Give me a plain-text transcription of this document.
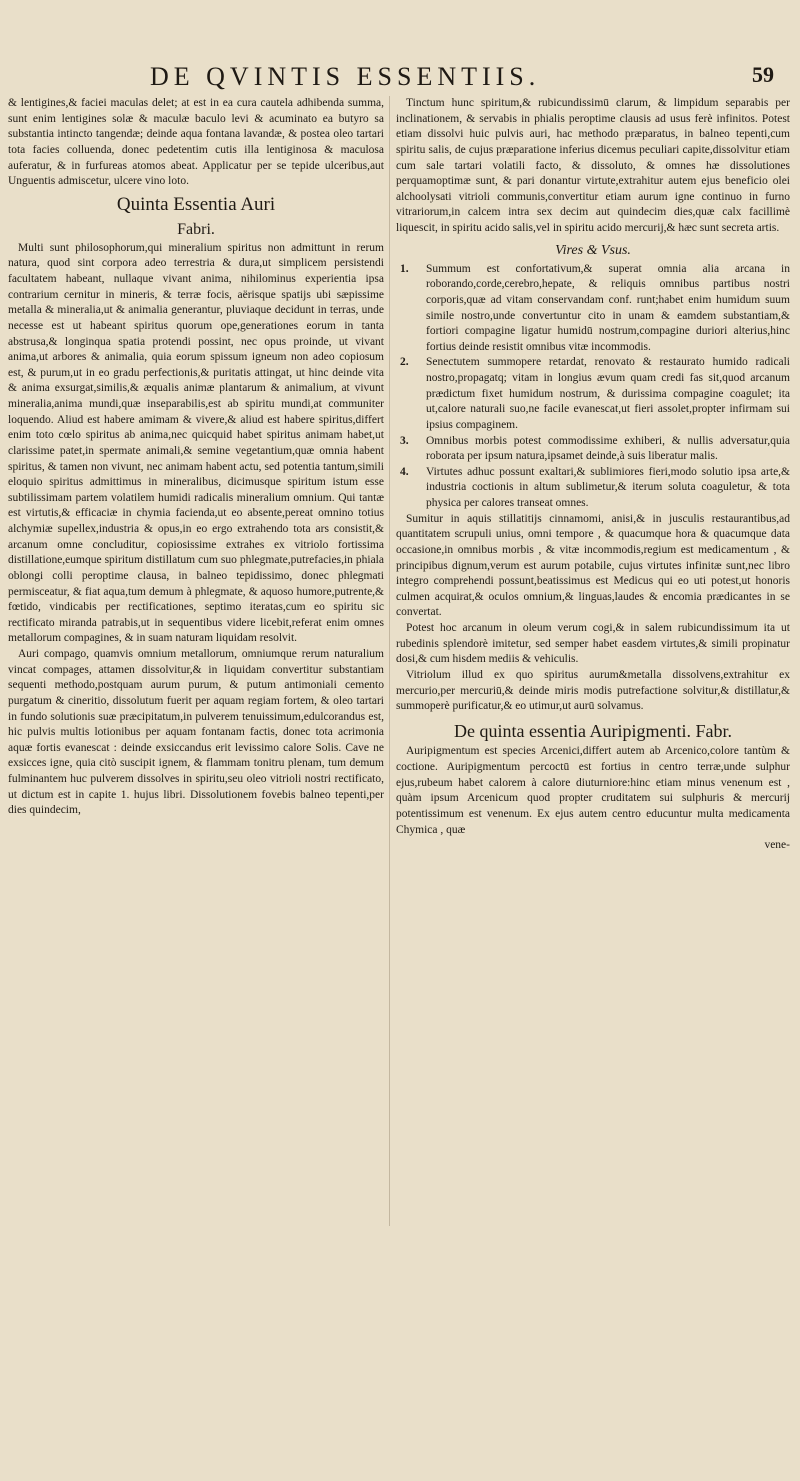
DE QVINTIS ESSENTIIS.	59

& lentigines,& faciei maculas delet; at est in ea cura cautela adhibenda summa, sunt enim lentigines solæ & maculæ baculo levi & acuminato ea butyro sa substantia intincto tangendæ; deinde aqua fontana lavandæ, & postea oleo tartari tota facies colluenda, donec pedetentim cutis illa lentiginosa & maculosa auferatur, & in furfureas atomos abeat. Applicatur per se tepide ulceribus,aut Unguentis admiscetur, ulcere vino loto.

Quinta Essentia Auri
Fabri.

Multi sunt philosophorum,qui mineralium spiritus non admittunt in rerum natura, quod sint corpora adeo terrestria & dura,ut simplicem persistendi facultatem habeant, nullaque vivant anima, nihilominus experientia ipsa contrarium cernitur in mineris, & terræ focis, aërisque spatijs ubi sæpissime metalla & mineralia,ut & animalia generantur, pluviaque decidunt in terras, unde necesse est ut habeant spiritus quorum ope,generationes eorum in tanta abstrusa,& longinqua spatia protendi possint, nec opus proinde, ut vivant anima,ut arbores & animalia, quia eorum spissum igneum non adeo copiosum est, & purum,ut in eo gradu perfectionis,& puritatis attingat, ut hinc deinde vita & anima exsurgat,similis,& æqualis animæ plantarum & animalium, at vivunt mineralia,anima mundi,quæ inseparabilis,est ab spiritu mundi,at communiter loquendo. Aliud est habere amimam & vivere,& aliud est habere spiritus,differt enim toto cœlo spiritus ab anima,nec quicquid habet spiritus animam habet,ut clarissime patet,in spermate animali,& semine vegetantium,quæ omnia habent spiritus, & tamen non vivunt, nec animam habent actu, sed potentia tantum,simili eloquio spiritus admittimus in mineralibus, dicimusque spiritum istum esse subtilissimam partem volatilem humidi radicalis mineralium omnium. Qui tantæ est virtutis,& efficaciæ in chymia facienda,ut eo absente,pereat omnino totius alchymiæ supellex,industria & opus,in eo ergo extrahendo tota ars consistit,& arcanum omne concluditur, copiosissime extrahes ex vitriolo fortissima distillatione,eumque spiritum distillatum cum suo phlegmate,putrefacies,in phiala oblongi colli peroptime clausa, in balneo tepidissimo, donec phlegmati permisceatur, & fiat aqua,tum demum à phlegmate, & aquoso humore,putrente,& fœtido, vindicabis per rectificationes, septimo iteratas,cum eo spiritu sic rectificato miranda patrabis,ut in sequentibus videre licebit,referat enim omnes metallorum compagines, & in suam naturam liquidam resolvit.

Auri compago, quamvis omnium metallorum, omniumque rerum naturalium vincat compages, attamen dissolvitur,& in liquidam convertitur substantiam sequenti methodo,postquam aurum purum, & putum antimoniali cemento purgatum & cineritio, dissolutum fuerit per aquam regiam fortem, & oleo tartari in fundo solutionis suæ præcipitatum,in pulverem tenuissimum,edulcorandus est, hic pulvis multis lotionibus per aquam fontanam factis, donec tota acrimonia aquæ fortis evanescat : deinde exsiccandus erit levissimo calore Solis. Cave ne exsicces igne, quia citò suscipit ignem, & flammam tonitru plenam, tum demum fulminantem huc pulverem dissolves in spiritu,seu oleo vitrioli nostri rectificato, ut dictum est in capite 1. hujus libri. Dissolutionem fovebis balneo tepenti,per dies quindecim,

Tinctum hunc spiritum,& rubicundissimū clarum, & limpidum separabis per inclinationem, & servabis in phialis peroptime clausis ad usus ferè infinitos. Potest etiam dissolvi huic pulvis auri, hac methodo præparatus, in balneo tepenti,cum spiritu salis, de cujus præparatione inferius dicemus peculiari capite,dissolvitur etiam cum sale tartari volatili facto, & dissoluto, & omnes hæ dissolutiones perquamoptimæ sunt, & pari donantur virtute,extrahitur autem ejus beneficio olei alchoolysati vitrioli communis,convertitur etiam aurum igne continuo in furno vitrariorum,in calcem intra sex decim aut quindecim dies,quæ calx facillimè liquescit, in spiritu acido salis,vel in spiritu acido mercurij,& hæc sunt secreta artis.

Vires & Vsus.
1. Summum est confortativum,& superat omnia alia arcana in roborando,corde,cerebro,hepate, & reliquis omnibus partibus nostri corporis,quæ ad vitam conservandam conf. runt;habet enim humidum suum simile nostro,unde convertuntur cito in unam & eamdem substantiam,& fortiori compagine ligatur humidū nostrum,compagine duriori alterius,hinc fortius deinde resistit omnibus vitæ incommodis.
2. Senectutem summopere retardat, renovato & restaurato humido radicali nostro,propagatq; vitam in longius ævum quam credi fas sit,quod arcanum prædictum fixet humidum nostrum, & durissima compagine coagulet; ita ut,calore naturali suo,ne facile evanescat,ut fieri assolet,propter infirmam sui ipsius compaginem.
3. Omnibus morbis potest commodissime exhiberi, & nullis adversatur,quia roborata per ipsum natura,ipsamet deinde,à suis liberatur malis.
4. Virtutes adhuc possunt exaltari,& sublimiores fieri,modo solutio ipsa arte,& industria coctionis in altum sublimetur,& iterum soluta coaguletur, & tota physica per calores transeat omnes.

Sumitur in aquis stillatitijs cinnamomi, anisi,& in jusculis restaurantibus,ad quantitatem scrupuli unius, omni tempore , & quacumque hora & quacumque data occasione,in omnibus morbis , & vitæ incommodis,regium est medicamentum , & principibus dignum,verum est aurum potabile, cujus virtutes infinitæ sunt,nec libro integro comprehendi possunt,beatissimus est Medicus qui eo uti potest,ut honoris culmen acquirat,& oculos omnium,& linguas,laudes & encomia prædicantes in se convertat.

Potest hoc arcanum in oleum verum cogi,& in salem rubicundissimum ita ut rubedinis splendorè imitetur, sed semper habet easdem virtutes,& simili propinatur dosi,& cum hisdem mediis & vehiculis.

Vitriolum illud ex quo spiritus aurum&metalla dissolvens,extrahitur ex mercurio,per mercuriū,& deinde miris modis putrefactione solvitur,& distillatur,& summoperè purificatur,& eo utimur,ut aurū solvamus.

De quinta essentia Auripigmenti. Fabr.

Auripigmentum est species Arcenici,differt autem ab Arcenico,colore tantùm & coctione. Auripigmentum percoctū est fortius in centro terræ,unde sulphur ejus,rubeum habet calorem à calore diuturniore:hinc etiam minus venenum est , quàm ipsum Arcenicum quod propter cruditatem sui sulphuris & mercurij potentissimum est venenum. Ex ejus autem centro educuntur multa medicamenta Chymica , quæ

vene-
